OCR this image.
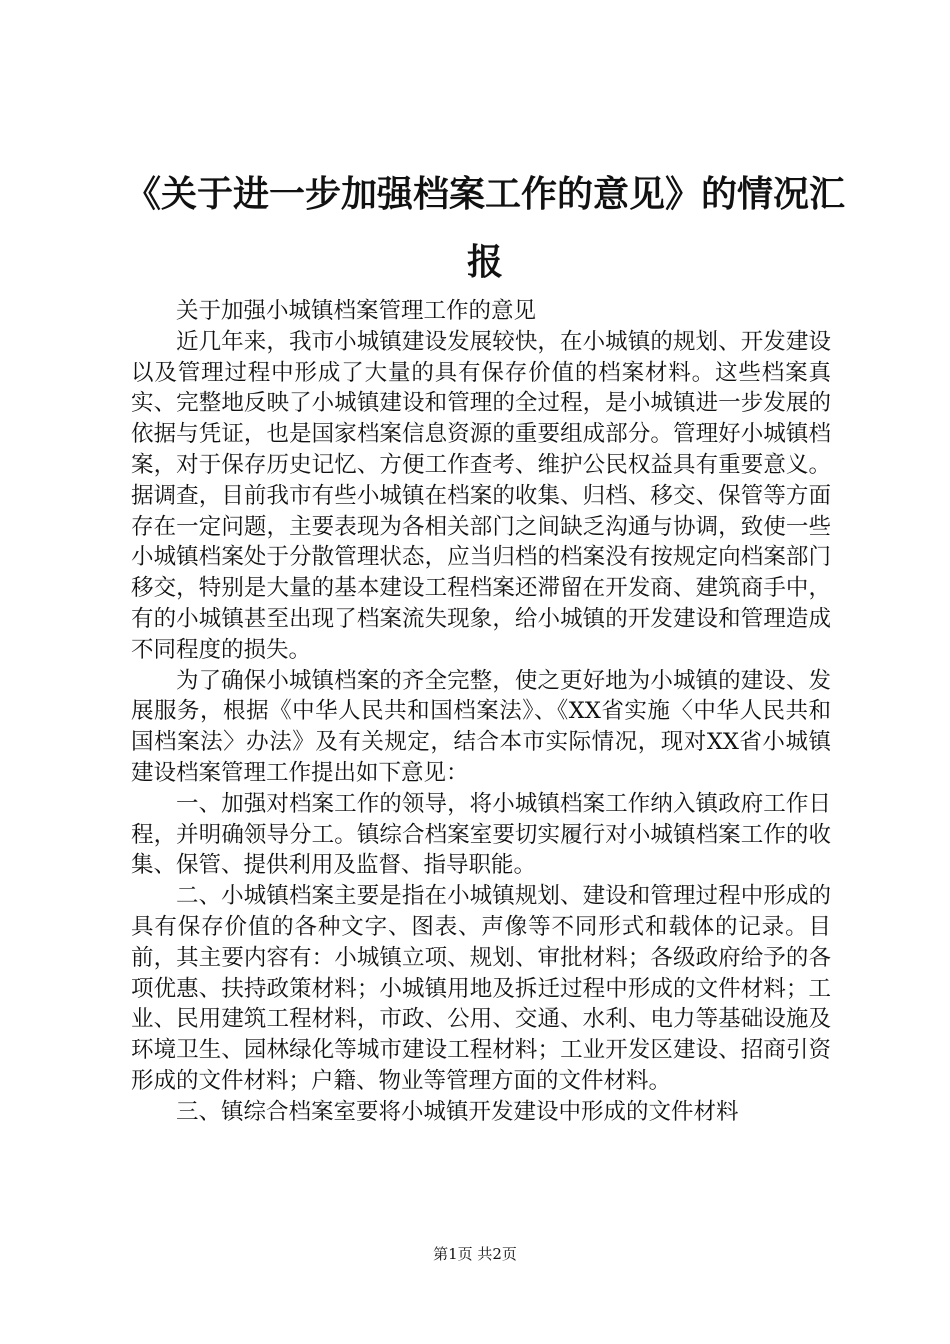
《关于进一步加强档案工作的意见》的情况汇报

关于加强小城镇档案管理工作的意见

近几年来，我市小城镇建设发展较快，在小城镇的规划、开发建设以及管理过程中形成了大量的具有保存价值的档案材料。这些档案真实、完整地反映了小城镇建设和管理的全过程，是小城镇进一步发展的依据与凭证，也是国家档案信息资源的重要组成部分。管理好小城镇档案，对于保存历史记忆、方便工作查考、维护公民权益具有重要意义。据调查，目前我市有些小城镇在档案的收集、归档、移交、保管等方面存在一定问题，主要表现为各相关部门之间缺乏沟通与协调，致使一些小城镇档案处于分散管理状态，应当归档的档案没有按规定向档案部门移交，特别是大量的基本建设工程档案还滞留在开发商、建筑商手中，有的小城镇甚至出现了档案流失现象，给小城镇的开发建设和管理造成不同程度的损失。

为了确保小城镇档案的齐全完整，使之更好地为小城镇的建设、发展服务，根据《中华人民共和国档案法》、《XX省实施〈中华人民共和国档案法〉办法》及有关规定，结合本市实际情况，现对XX省小城镇建设档案管理工作提出如下意见：

一、加强对档案工作的领导，将小城镇档案工作纳入镇政府工作日程，并明确领导分工。镇综合档案室要切实履行对小城镇档案工作的收集、保管、提供利用及监督、指导职能。

二、小城镇档案主要是指在小城镇规划、建设和管理过程中形成的具有保存价值的各种文字、图表、声像等不同形式和载体的记录。目前，其主要内容有：小城镇立项、规划、审批材料；各级政府给予的各项优惠、扶持政策材料；小城镇用地及拆迁过程中形成的文件材料；工业、民用建筑工程材料，市政、公用、交通、水利、电力等基础设施及环境卫生、园林绿化等城市建设工程材料；工业开发区建设、招商引资形成的文件材料；户籍、物业等管理方面的文件材料。

三、镇综合档案室要将小城镇开发建设中形成的文件材料

第1页 共2页
